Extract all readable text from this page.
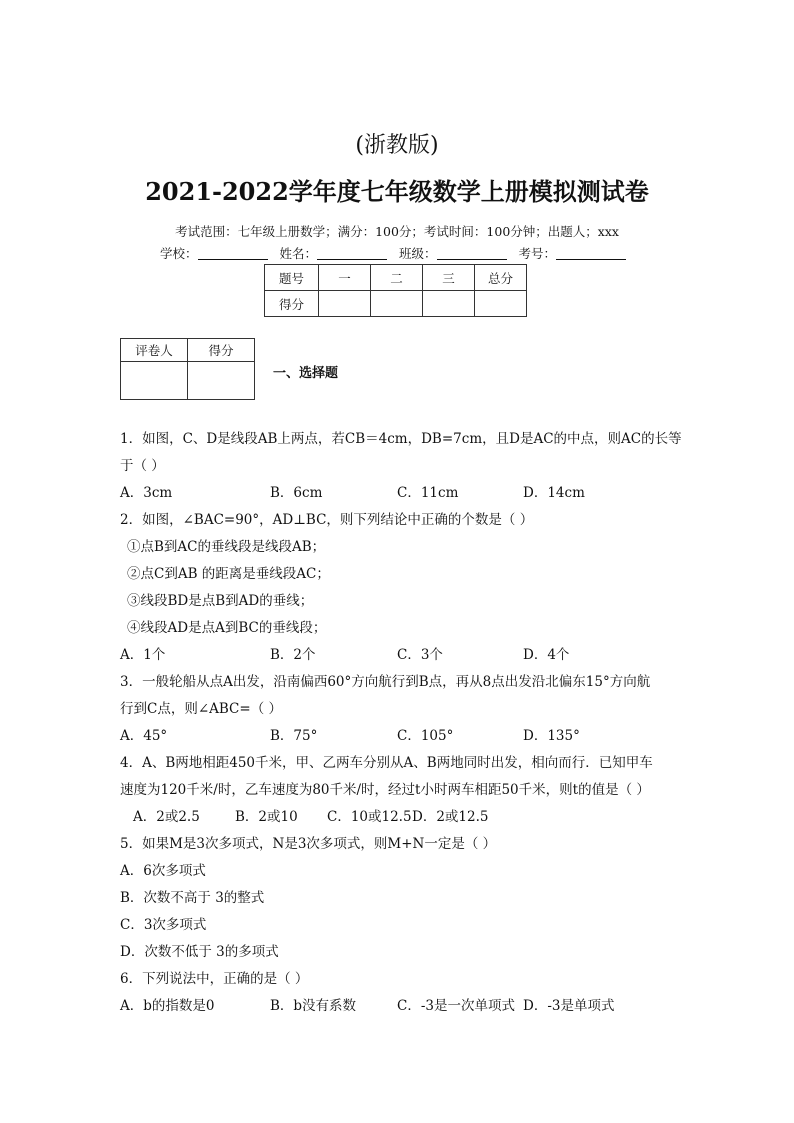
(浙教版)
2021-2022学年度七年级数学上册模拟测试卷
考试范围：七年级上册数学；满分：100分；考试时间：100分钟；出题人；xxx
学校：	姓名：	班级：	考号：
题号	一	二	三	总分
得分				
评卷人	得分

一、选择题
1．如图，C、D是线段AB上两点，若CB＝4cm，DB=7cm，且D是AC的中点，则AC的长等
于（ ）
A．3cm	B．6cm	C．11cm	D．14cm
2．如图，∠BAC=90°，AD⊥BC，则下列结论中正确的个数是（ ）
①点B到AC的垂线段是线段AB；
②点C到AB 的距离是垂线段AC；
③线段BD是点B到AD的垂线；
④线段AD是点A到BC的垂线段；
A．1个	B．2个	C．3个	D．4个
3．一般轮船从点A出发，沿南偏西60°方向航行到B点，再从8点出发沿北偏东15°方向航
行到C点，则∠ABC=（ ）
A．45°	B．75°	C．105°	D．135°
4．A、B两地相距450千米，甲、乙两车分别从A、B两地同时出发，相向而行．已知甲车
速度为120千米/时，乙车速度为80千米/时，经过t小时两车相距50千米，则t的值是（ ）
A．2或2.5	B．2或10 C．10或12.5 D．2或12.5
5．如果M是3次多项式，N是3次多项式，则M+N一定是（ ）
A．6次多项式
B．次数不高于 3的整式
C．3次多项式
D．次数不低于 3的多项式
6．下列说法中，正确的是（ ）
A．b的指数是0	B．b没有系数	C．-3是一次单项式 D．-3是单项式
